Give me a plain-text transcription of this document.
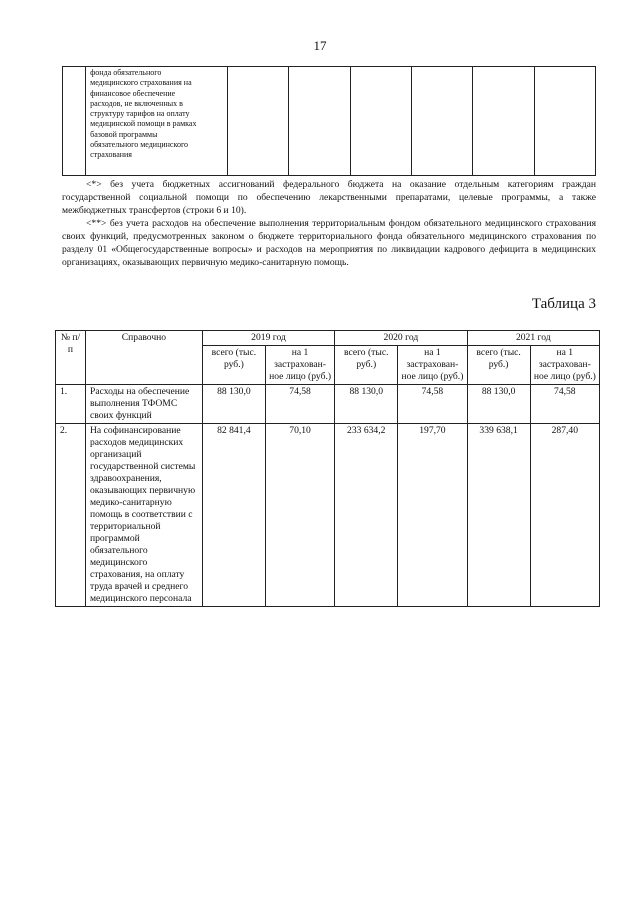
17

фонда обязательного
медицинского страхования на
финансовое обеспечение
расходов, не включенных в
структуру тарифов на оплату
медицинской помощи в рамках
базовой программы
обязательного медицинского
страхования

<*> без учета бюджетных ассигнований федерального бюджета на оказание отдельным категориям граждан государственной социальной помощи по обеспечению лекарственными препаратами, целевые программы, а также межбюджетных трансфертов (строки 6 и 10).

<**> без учета расходов на обеспечение выполнения территориальным фондом обязательного медицинского страхования своих функций, предусмотренных законом о бюджете территориального фонда обязательного медицинского страхования по разделу 01 «Общегосударственные вопросы» и расходов на мероприятия по ликвидации кадрового дефицита в медицинских организациях, оказывающих первичную медико-санитарную помощь.

Таблица 3
№ п/п	Справочно	2019 год		2020 год		2021 год	
		всего (тыс. руб.)	на 1 застрахован-ное лицо (руб.)	всего (тыс. руб.)	на 1 застрахован-ное лицо (руб.)	всего (тыс. руб.)	на 1 застрахован-ное лицо (руб.)
1.	Расходы на обеспечение выполнения ТФОМС своих функций	88 130,0	74,58	88 130,0	74,58	88 130,0	74,58
2.	На софинансирование расходов медицинских организаций государственной системы здравоохранения, оказывающих первичную медико-санитарную помощь в соответствии с территориальной программой обязательного медицинского страхования, на оплату труда врачей и среднего медицинского персонала	82 841,4	70,10	233 634,2	197,70	339 638,1	287,40
